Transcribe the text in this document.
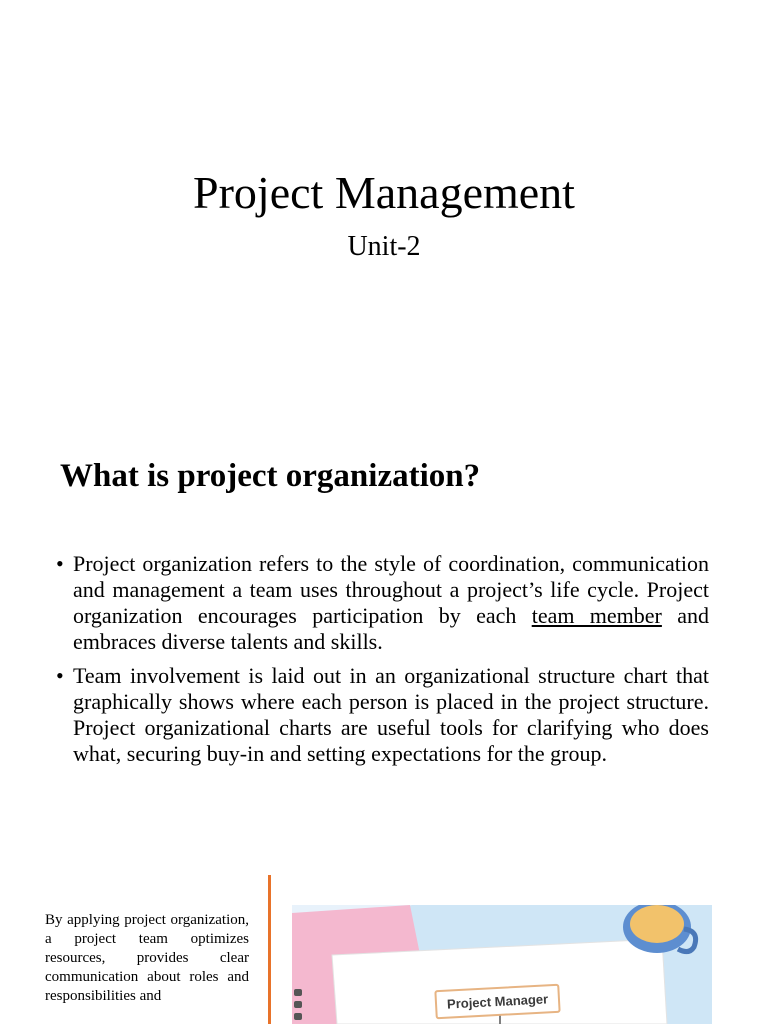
Project Management
Unit-2
What is project organization?
• Project organization refers to the style of coordination, communication and management a team uses throughout a project’s life cycle. Project organization encourages participation by each team member and embraces diverse talents and skills.
• Team involvement is laid out in an organizational structure chart that graphically shows where each person is placed in the project structure. Project organizational charts are useful tools for clarifying who does what, securing buy-in and setting expectations for the group.

By applying project organization, a project team optimizes resources, provides clear communication about roles and responsibilities and	Project Manager
